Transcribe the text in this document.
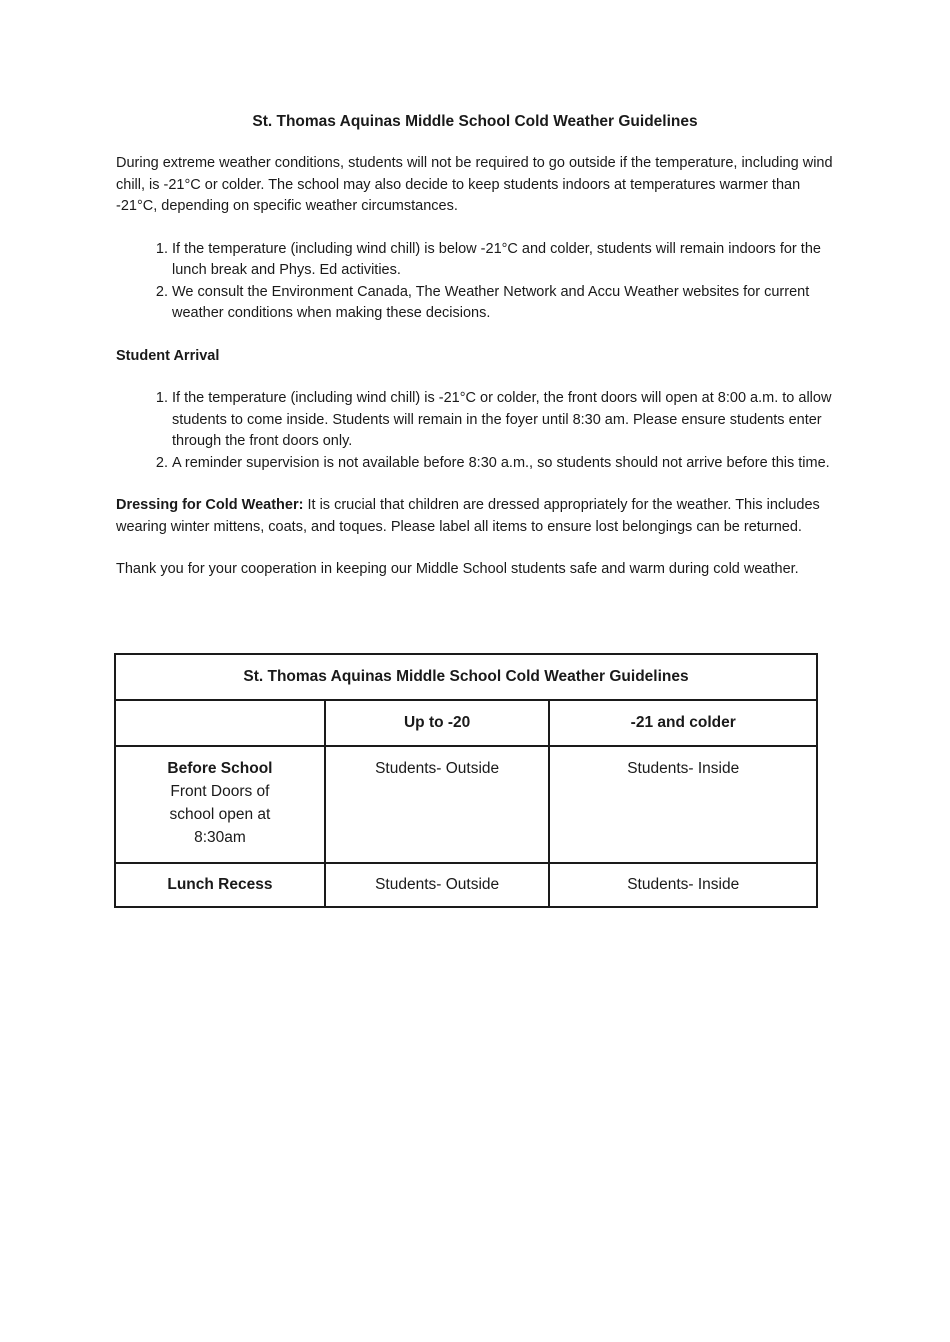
St. Thomas Aquinas Middle School Cold Weather Guidelines

During extreme weather conditions, students will not be required to go outside if the temperature, including wind chill, is -21°C or colder. The school may also decide to keep students indoors at temperatures warmer than -21°C, depending on specific weather circumstances.

1. If the temperature (including wind chill) is below -21°C and colder, students will remain indoors for the lunch break and Phys. Ed activities.
2. We consult the Environment Canada, The Weather Network and Accu Weather websites for current weather conditions when making these decisions.
Student Arrival
1. If the temperature (including wind chill) is -21°C or colder, the front doors will open at 8:00 a.m. to allow students to come inside. Students will remain in the foyer until 8:30 am. Please ensure students enter through the front doors only.
2. A reminder supervision is not available before 8:30 a.m., so students should not arrive before this time.

Dressing for Cold Weather: It is crucial that children are dressed appropriately for the weather. This includes wearing winter mittens, coats, and toques. Please label all items to ensure lost belongings can be returned.

Thank you for your cooperation in keeping our Middle School students safe and warm during cold weather.

St. Thomas Aquinas Middle School Cold Weather Guidelines		
	Up to -20	-21 and colder

Before School
Front Doors of school open at 8:30am	Students- Outside	Students- Inside

Lunch Recess	Students- Outside	Students- Inside
